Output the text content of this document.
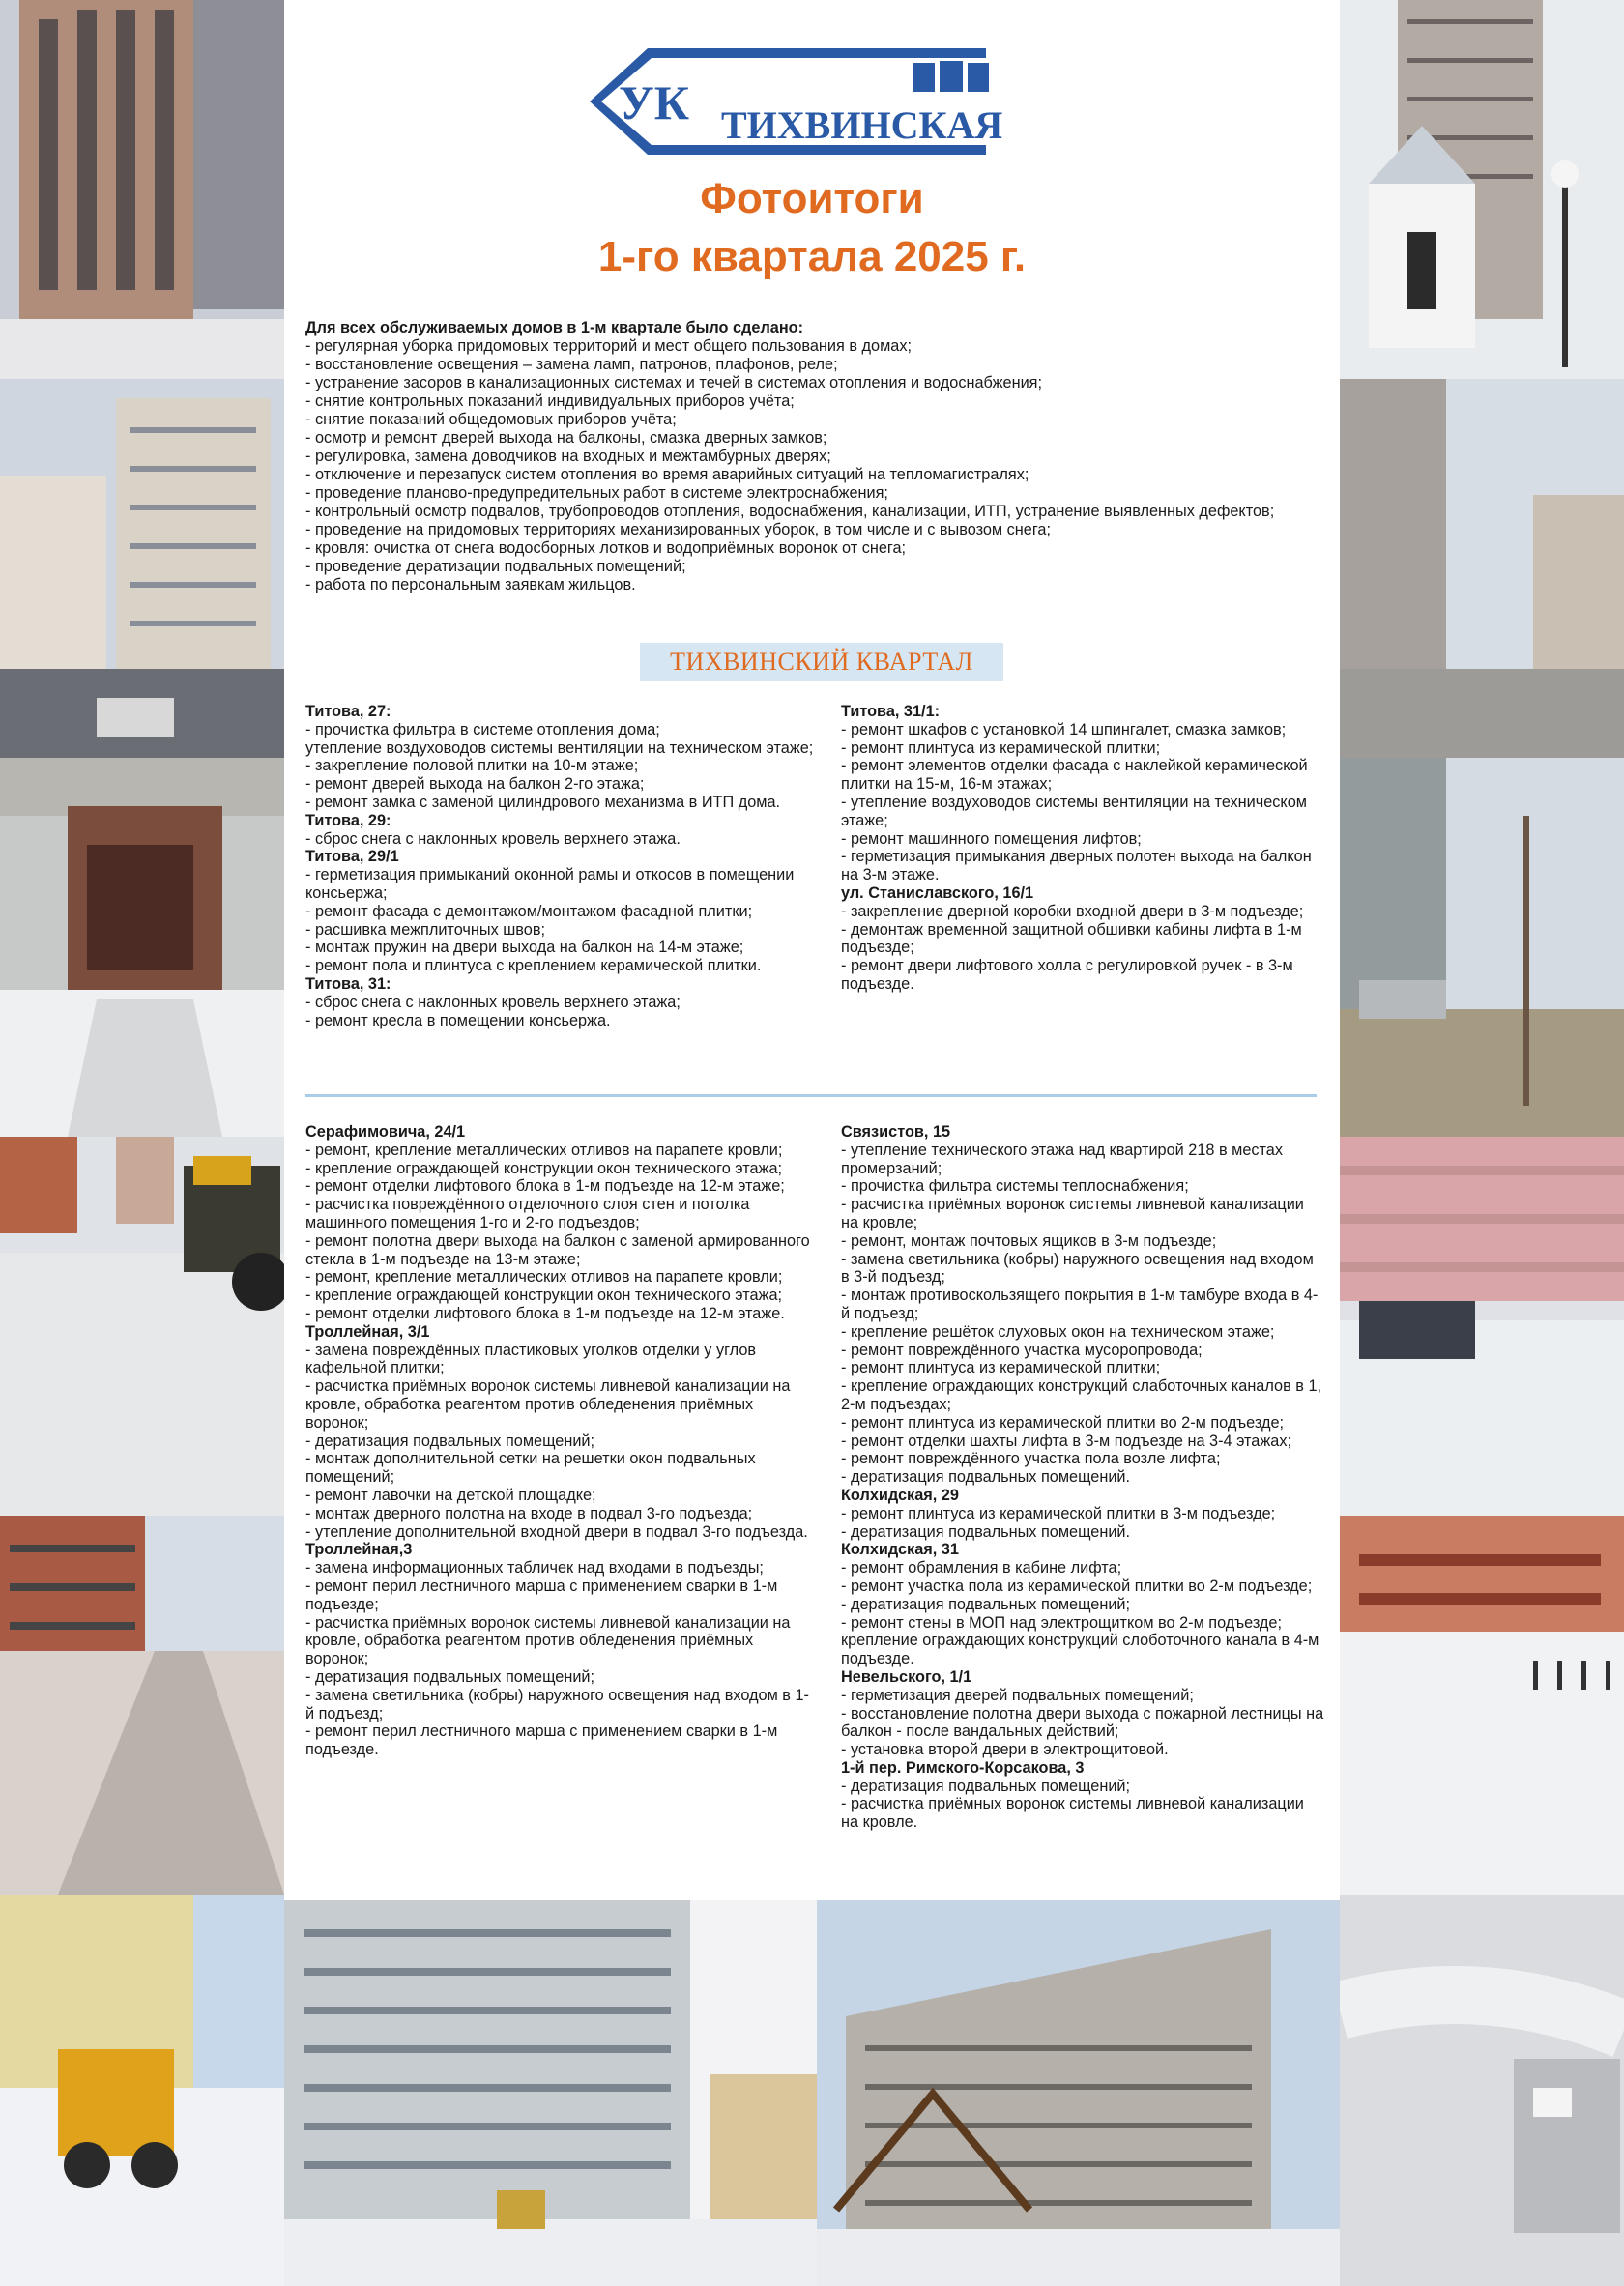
УК ТИХВИНСКАЯ
Фотоитоги
1-го квартала 2025 г.
Для всех обслуживаемых домов в 1-м квартале было сделано:
- регулярная уборка придомовых территорий и мест общего пользования в домах;
- восстановление освещения – замена ламп, патронов, плафонов, реле;
- устранение засоров в канализационных системах и течей в системах отопления и водоснабжения;
- снятие контрольных показаний индивидуальных приборов учёта;
- снятие показаний общедомовых приборов учёта;
- осмотр и ремонт дверей выхода на балконы, смазка дверных замков;
- регулировка, замена доводчиков на входных и межтамбурных дверях;
- отключение и перезапуск систем отопления во время аварийных ситуаций на тепломагистралях;
- проведение планово-предупредительных работ в системе электроснабжения;
- контрольный осмотр подвалов, трубопроводов отопления, водоснабжения, канализации, ИТП, устранение выявленных дефектов;
- проведение на придомовых территориях механизированных уборок, в том числе и с вывозом снега;
- кровля: очистка от снега водосборных лотков и водоприёмных воронок от снега;
- проведение дератизации подвальных помещений;
- работа по персональным заявкам жильцов.
ТИХВИНСКИЙ КВАРТАЛ
Титова, 27:
- прочистка фильтра в системе отопления дома;
утепление воздуховодов системы вентиляции на техническом этаже;
- закрепление половой плитки на 10-м этаже;
- ремонт дверей выхода на балкон 2-го этажа;
- ремонт замка с заменой цилиндрового механизма в ИТП дома.
Титова, 29:
- сброс снега с наклонных кровель верхнего этажа.
Титова, 29/1
- герметизация примыканий оконной рамы и откосов в помещении консьержа;
- ремонт фасада с демонтажом/монтажом фасадной плитки;
- расшивка межплиточных швов;
- монтаж пружин на двери выхода на балкон на 14-м этаже;
- ремонт пола и плинтуса с креплением керамической плитки.
Титова, 31:
- сброс снега с наклонных кровель верхнего этажа;
- ремонт кресла в помещении консьержа.
Титова, 31/1:
- ремонт шкафов с установкой 14 шпингалет, смазка замков;
- ремонт плинтуса из керамической плитки;
- ремонт элементов отделки фасада с наклейкой керамической плитки на 15-м, 16-м этажах;
- утепление воздуховодов системы вентиляции на техническом этаже;
- ремонт машинного помещения лифтов;
- герметизация примыкания дверных полотен выхода на балкон на 3-м этаже.
ул. Станиславского, 16/1
- закрепление дверной коробки входной двери в 3-м подъезде;
- демонтаж временной защитной обшивки кабины лифта в 1-м подъезде;
- ремонт двери лифтового холла с регулировкой ручек - в 3-м подъезде.
Серафимовича, 24/1
- ремонт, крепление металлических отливов на парапете кровли;
- крепление ограждающей конструкции окон технического этажа;
- ремонт отделки лифтового блока в 1-м подъезде на 12-м этаже;
- расчистка повреждённого отделочного слоя стен и потолка машинного помещения 1-го и 2-го подъездов;
- ремонт полотна двери выхода на балкон с заменой армированного стекла в 1-м подъезде на 13-м этаже;
- ремонт, крепление металлических отливов на парапете кровли;
- крепление ограждающей конструкции окон технического этажа;
- ремонт отделки лифтового блока в 1-м подъезде на 12-м этаже.
Троллейная, 3/1
- замена повреждённых пластиковых уголков отделки у углов кафельной плитки;
- расчистка приёмных воронок системы ливневой канализации на кровле, обработка реагентом против обледенения приёмных воронок;
- дератизация подвальных помещений;
- монтаж дополнительной сетки на решетки окон подвальных помещений;
- ремонт лавочки на детской площадке;
- монтаж дверного полотна на входе в подвал 3-го подъезда;
- утепление дополнительной входной двери в подвал 3-го подъезда.
Троллейная,3
- замена информационных табличек над входами в подъезды;
- ремонт перил лестничного марша с применением сварки в 1-м подъезде;
- расчистка приёмных воронок системы ливневой канализации на кровле, обработка реагентом против обледенения приёмных воронок;
- дератизация подвальных помещений;
- замена светильника (кобры) наружного освещения над входом в 1-й подъезд;
- ремонт перил лестничного марша с применением сварки в 1-м подъезде.
Связистов, 15
- утепление технического этажа над квартирой 218 в местах промерзаний;
- прочистка фильтра системы теплоснабжения;
- расчистка приёмных воронок системы ливневой канализации на кровле;
- ремонт, монтаж почтовых ящиков в 3-м подъезде;
- замена светильника (кобры) наружного освещения над входом в 3-й подъезд;
- монтаж противоскользящего покрытия в 1-м тамбуре входа в 4-й подъезд;
- крепление решёток слуховых окон на техническом этаже;
- ремонт повреждённого участка мусоропровода;
- ремонт плинтуса из керамической плитки;
- крепление ограждающих конструкций слаботочных каналов в 1, 2-м подъездах;
- ремонт плинтуса из керамической плитки во 2-м подъезде;
- ремонт отделки шахты лифта в 3-м подъезде на 3-4 этажах;
- ремонт повреждённого участка пола возле лифта;
- дератизация подвальных помещений.
Колхидская, 29
- ремонт плинтуса из керамической плитки в 3-м подъезде;
- дератизация подвальных помещений.
Колхидская, 31
- ремонт обрамления в кабине лифта;
- ремонт участка пола из керамической плитки во 2-м подъезде;
- дератизация подвальных помещений;
- ремонт стены в МОП над электрощитком во 2-м подъезде; крепление ограждающих конструкций слоботочного канала в 4-м подъезде.
Невельского, 1/1
- герметизация дверей подвальных помещений;
- восстановление полотна двери выхода с пожарной лестницы на балкон - после вандальных действий;
- установка второй двери в электрощитовой.
1-й пер. Римского-Корсакова, 3
- дератизация подвальных помещений;
- расчистка приёмных воронок системы ливневой канализации на кровле.
